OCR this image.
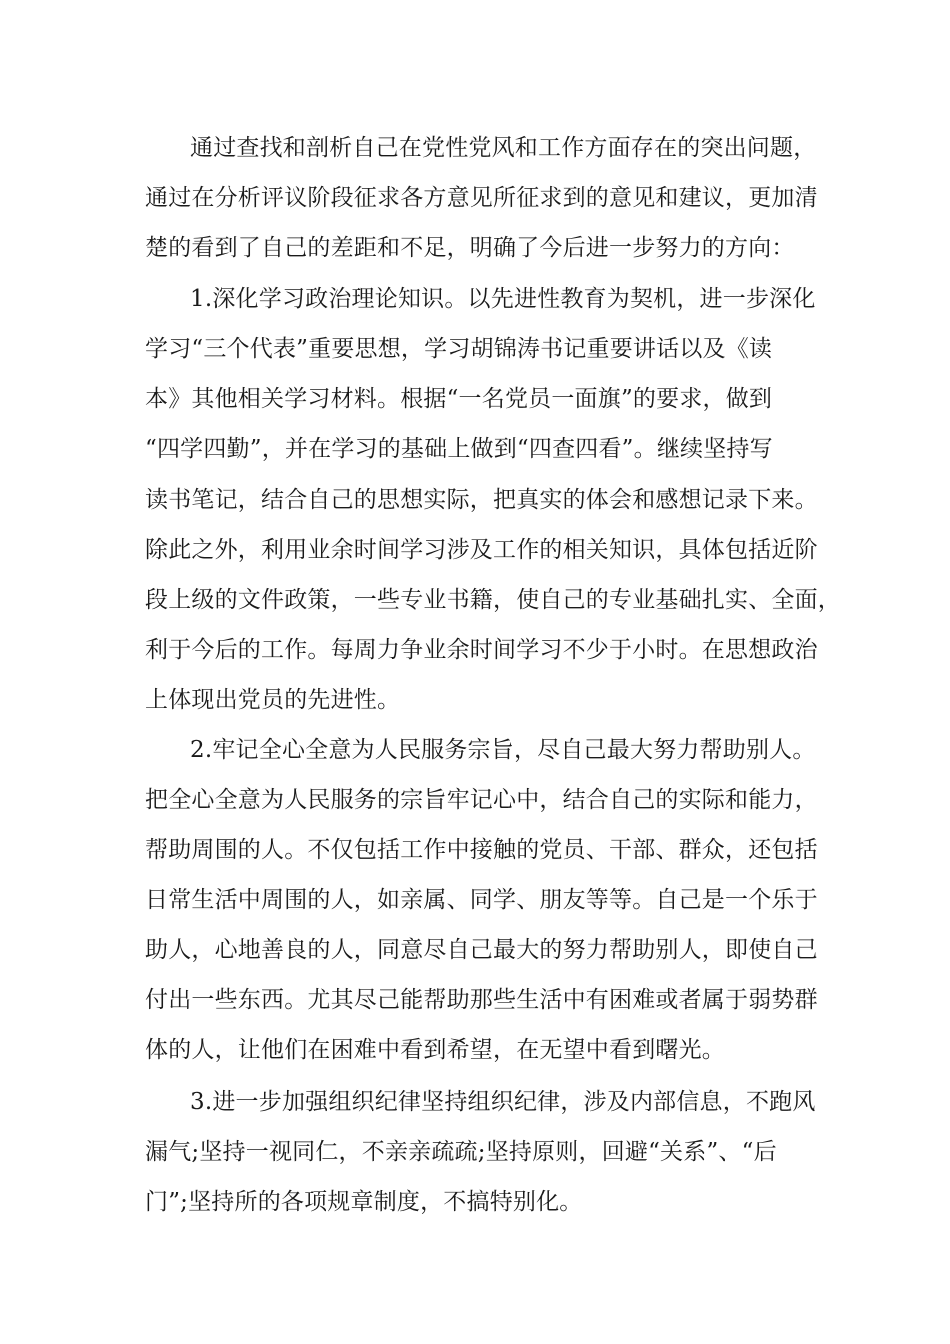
通过查找和剖析自己在党性党风和工作方面存在的突出问题，
通过在分析评议阶段征求各方意见所征求到的意见和建议，更加清
楚的看到了自己的差距和不足，明确了今后进一步努力的方向：
1.深化学习政治理论知识。以先进性教育为契机，进一步深化
学习“三个代表”重要思想，学习胡锦涛书记重要讲话以及《读
本》其他相关学习材料。根据“一名党员一面旗”的要求，做到
“四学四勤”，并在学习的基础上做到“四查四看”。继续坚持写
读书笔记，结合自己的思想实际，把真实的体会和感想记录下来。
除此之外，利用业余时间学习涉及工作的相关知识，具体包括近阶
段上级的文件政策，一些专业书籍，使自己的专业基础扎实、全面，
利于今后的工作。每周力争业余时间学习不少于小时。在思想政治
上体现出党员的先进性。
2.牢记全心全意为人民服务宗旨，尽自己最大努力帮助别人。
把全心全意为人民服务的宗旨牢记心中，结合自己的实际和能力，
帮助周围的人。不仅包括工作中接触的党员、干部、群众，还包括
日常生活中周围的人，如亲属、同学、朋友等等。自己是一个乐于
助人，心地善良的人，同意尽自己最大的努力帮助别人，即使自己
付出一些东西。尤其尽己能帮助那些生活中有困难或者属于弱势群
体的人，让他们在困难中看到希望，在无望中看到曙光。
3.进一步加强组织纪律坚持组织纪律，涉及内部信息，不跑风
漏气;坚持一视同仁，不亲亲疏疏;坚持原则，回避“关系”、“后
门”;坚持所的各项规章制度，不搞特别化。
